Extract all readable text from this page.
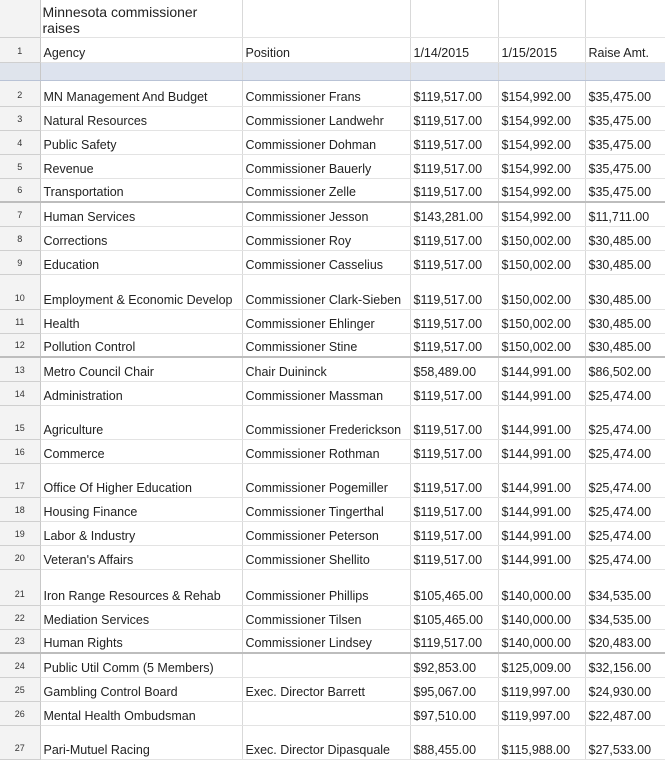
	Minnesota commissioner raises				
1	Agency	Position	1/14/2015	1/15/2015	Raise Amt.

2	MN Management And Budget	Commissioner Frans	$119,517.00	$154,992.00	$35,475.00
3	Natural Resources	Commissioner Landwehr	$119,517.00	$154,992.00	$35,475.00
4	Public Safety	Commissioner Dohman	$119,517.00	$154,992.00	$35,475.00
5	Revenue	Commissioner Bauerly	$119,517.00	$154,992.00	$35,475.00
6	Transportation	Commissioner Zelle	$119,517.00	$154,992.00	$35,475.00
7	Human Services	Commissioner Jesson	$143,281.00	$154,992.00	$11,711.00
8	Corrections	Commissioner Roy	$119,517.00	$150,002.00	$30,485.00
9	Education	Commissioner Casselius	$119,517.00	$150,002.00	$30,485.00
10	Employment & Economic Develop	Commissioner Clark-Sieben	$119,517.00	$150,002.00	$30,485.00
11	Health	Commissioner Ehlinger	$119,517.00	$150,002.00	$30,485.00
12	Pollution Control	Commissioner Stine	$119,517.00	$150,002.00	$30,485.00
13	Metro Council Chair	Chair Duininck	$58,489.00	$144,991.00	$86,502.00
14	Administration	Commissioner Massman	$119,517.00	$144,991.00	$25,474.00
15	Agriculture	Commissioner Frederickson	$119,517.00	$144,991.00	$25,474.00
16	Commerce	Commissioner Rothman	$119,517.00	$144,991.00	$25,474.00
17	Office Of Higher Education	Commissioner Pogemiller	$119,517.00	$144,991.00	$25,474.00
18	Housing Finance	Commissioner Tingerthal	$119,517.00	$144,991.00	$25,474.00
19	Labor & Industry	Commissioner Peterson	$119,517.00	$144,991.00	$25,474.00
20	Veteran's Affairs	Commissioner Shellito	$119,517.00	$144,991.00	$25,474.00
21	Iron Range Resources & Rehab	Commissioner Phillips	$105,465.00	$140,000.00	$34,535.00
22	Mediation Services	Commissioner Tilsen	$105,465.00	$140,000.00	$34,535.00
23	Human Rights	Commissioner Lindsey	$119,517.00	$140,000.00	$20,483.00
24	Public Util Comm (5 Members)		$92,853.00	$125,009.00	$32,156.00
25	Gambling Control Board	Exec. Director Barrett	$95,067.00	$119,997.00	$24,930.00
26	Mental Health Ombudsman		$97,510.00	$119,997.00	$22,487.00
27	Pari-Mutuel Racing	Exec. Director Dipasquale	$88,455.00	$115,988.00	$27,533.00
